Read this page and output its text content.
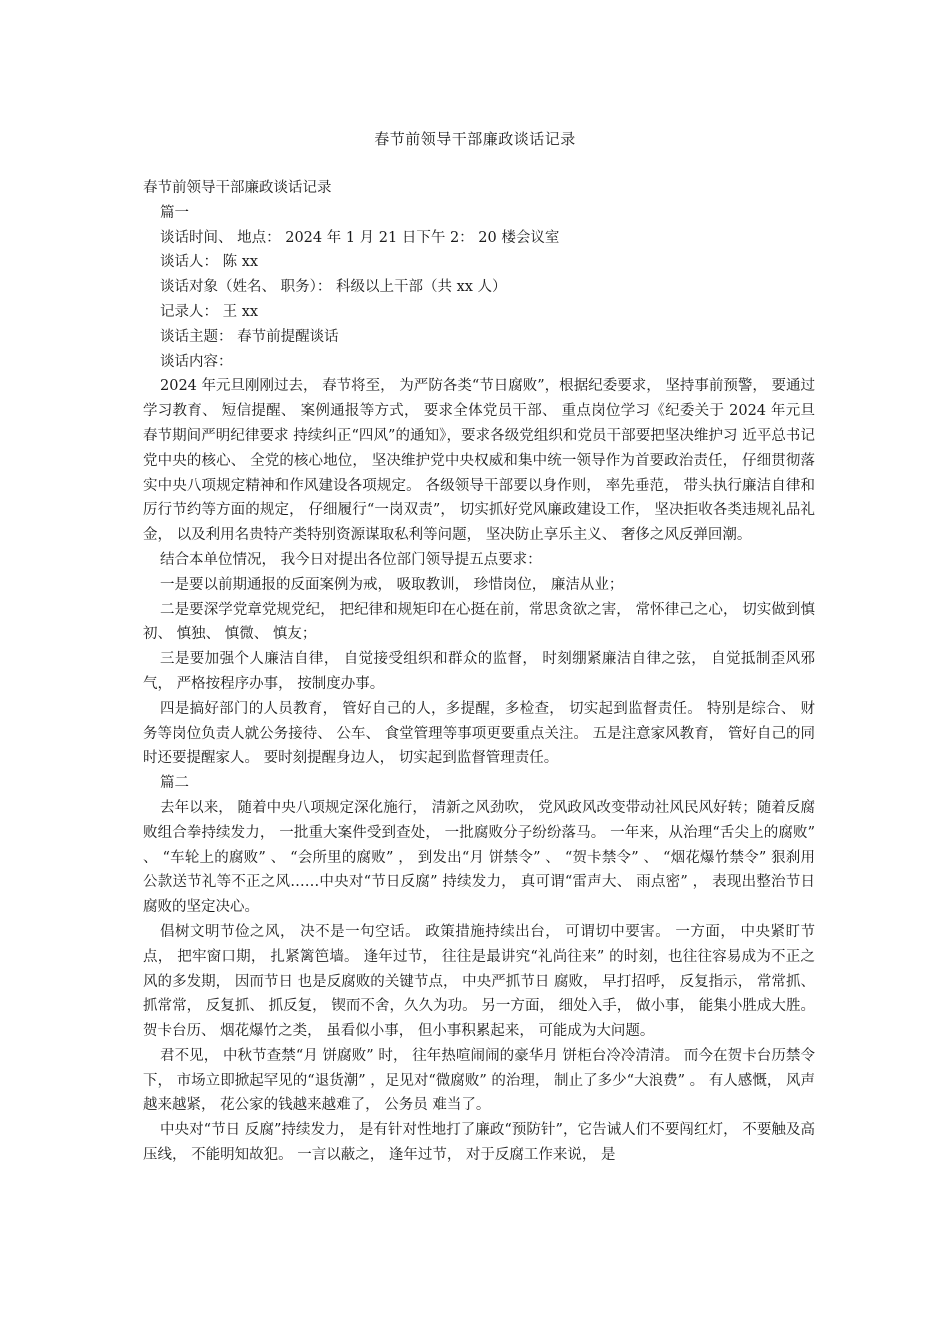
春节前领导干部廉政谈话记录

春节前领导干部廉政谈话记录

篇一

谈话时间、 地点： 2024 年 1 月 21 日下午 2： 20 楼会议室

谈话人： 陈 xx

谈话对象（姓名、 职务）： 科级以上干部（共 xx 人）

记录人： 王 xx

谈话主题： 春节前提醒谈话

谈话内容：

2024 年元旦刚刚过去， 春节将至， 为严防各类“节日腐败”，根据纪委要求， 坚持事前预警， 要通过学习教育、 短信提醒、 案例通报等方式， 要求全体党员干部、 重点岗位学习《纪委关于 2024 年元旦春节期间严明纪律要求 持续纠正“四风”的通知》，要求各级党组织和党员干部要把坚决维护习 近平总书记党中央的核心、 全党的核心地位， 坚决维护党中央权威和集中统一领导作为首要政治责任， 仔细贯彻落实中央八项规定精神和作风建设各项规定。 各级领导干部要以身作则， 率先垂范， 带头执行廉洁自律和厉行节约等方面的规定， 仔细履行“一岗双责”， 切实抓好党风廉政建设工作， 坚决拒收各类违规礼品礼金， 以及利用名贵特产类特别资源谋取私利等问题， 坚决防止享乐主义、 奢侈之风反弹回潮。

结合本单位情况， 我今日对提出各位部门领导提五点要求：

一是要以前期通报的反面案例为戒， 吸取教训， 珍惜岗位， 廉洁从业；

二是要深学党章党规党纪， 把纪律和规矩印在心挺在前，常思贪欲之害， 常怀律己之心， 切实做到慎初、 慎独、 慎微、 慎友；

三是要加强个人廉洁自律， 自觉接受组织和群众的监督， 时刻绷紧廉洁自律之弦， 自觉抵制歪风邪气， 严格按程序办事， 按制度办事。

四是搞好部门的人员教育， 管好自己的人，多提醒，多检查， 切实起到监督责任。 特别是综合、 财务等岗位负责人就公务接待、 公车、 食堂管理等事项更要重点关注。 五是注意家风教育， 管好自己的同时还要提醒家人。 要时刻提醒身边人， 切实起到监督管理责任。

篇二

去年以来， 随着中央八项规定深化施行， 清新之风劲吹， 党风政风改变带动社风民风好转；随着反腐败组合拳持续发力， 一批重大案件受到查处， 一批腐败分子纷纷落马。 一年来，从治理“舌尖上的腐败” 、 “车轮上的腐败” 、 “会所里的腐败” ， 到发出“月 饼禁令” 、 “贺卡禁令” 、 “烟花爆竹禁令” 狠刹用公款送节礼等不正之风……中央对“节日反腐” 持续发力， 真可谓“雷声大、 雨点密” ， 表现出整治节日 腐败的坚定决心。

倡树文明节俭之风， 决不是一句空话。 政策措施持续出台， 可谓切中要害。 一方面， 中央紧盯节点， 把牢窗口期， 扎紧篱笆墙。 逢年过节， 往往是最讲究“礼尚往来” 的时刻，也往往容易成为不正之风的多发期， 因而节日 也是反腐败的关键节点， 中央严抓节日 腐败， 早打招呼， 反复指示， 常常抓、 抓常常， 反复抓、 抓反复， 锲而不舍，久久为功。 另一方面， 细处入手， 做小事， 能集小胜成大胜。 贺卡台历、 烟花爆竹之类， 虽看似小事， 但小事积累起来， 可能成为大问题。

君不见， 中秋节查禁“月 饼腐败” 时， 往年热喧闹闹的豪华月 饼柜台冷冷清清。 而今在贺卡台历禁令下， 市场立即掀起罕见的“退货潮” ，足见对“微腐败” 的治理， 制止了多少“大浪费” 。 有人感慨， 风声越来越紧， 花公家的钱越来越难了， 公务员 难当了。

中央对“节日 反腐”持续发力， 是有针对性地打了廉政“预防针”，它告诫人们不要闯红灯， 不要触及高压线， 不能明知故犯。 一言以蔽之， 逢年过节， 对于反腐工作来说， 是
